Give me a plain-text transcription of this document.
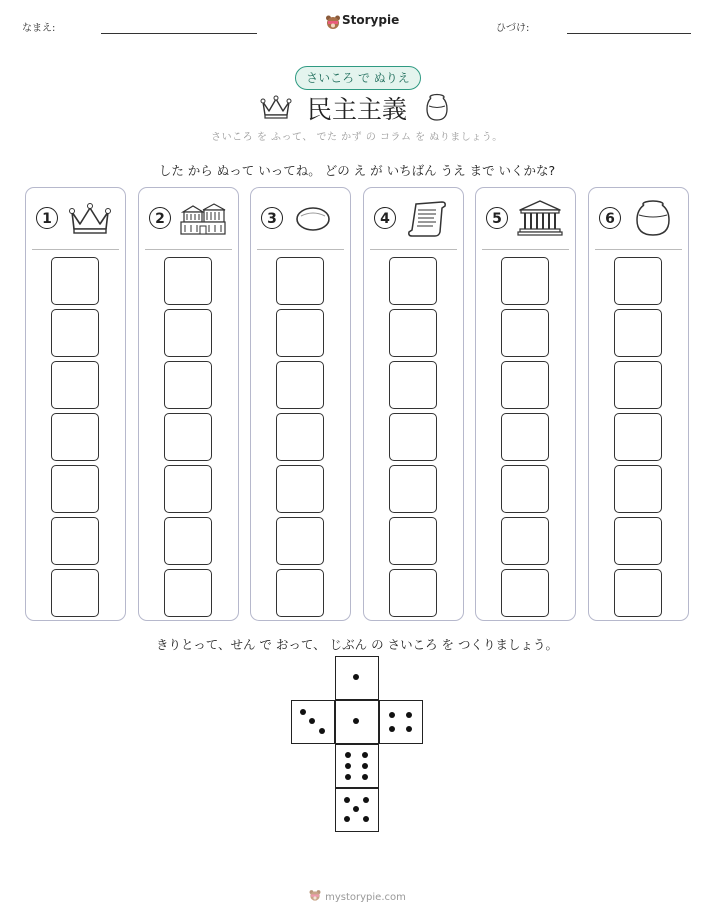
なまえ:
Storypie
ひづけ:
さいころ で ぬりえ
民主主義
さいころ を ふって、 でた かず の コラム を ぬりましょう。
した から ぬって いってね。 どの え が いちばん うえ まで いくかな?
1	2	3	4	5	6
きりとって、せん で おって、 じぶん の さいころ を つくりましょう。
mystorypie.com
